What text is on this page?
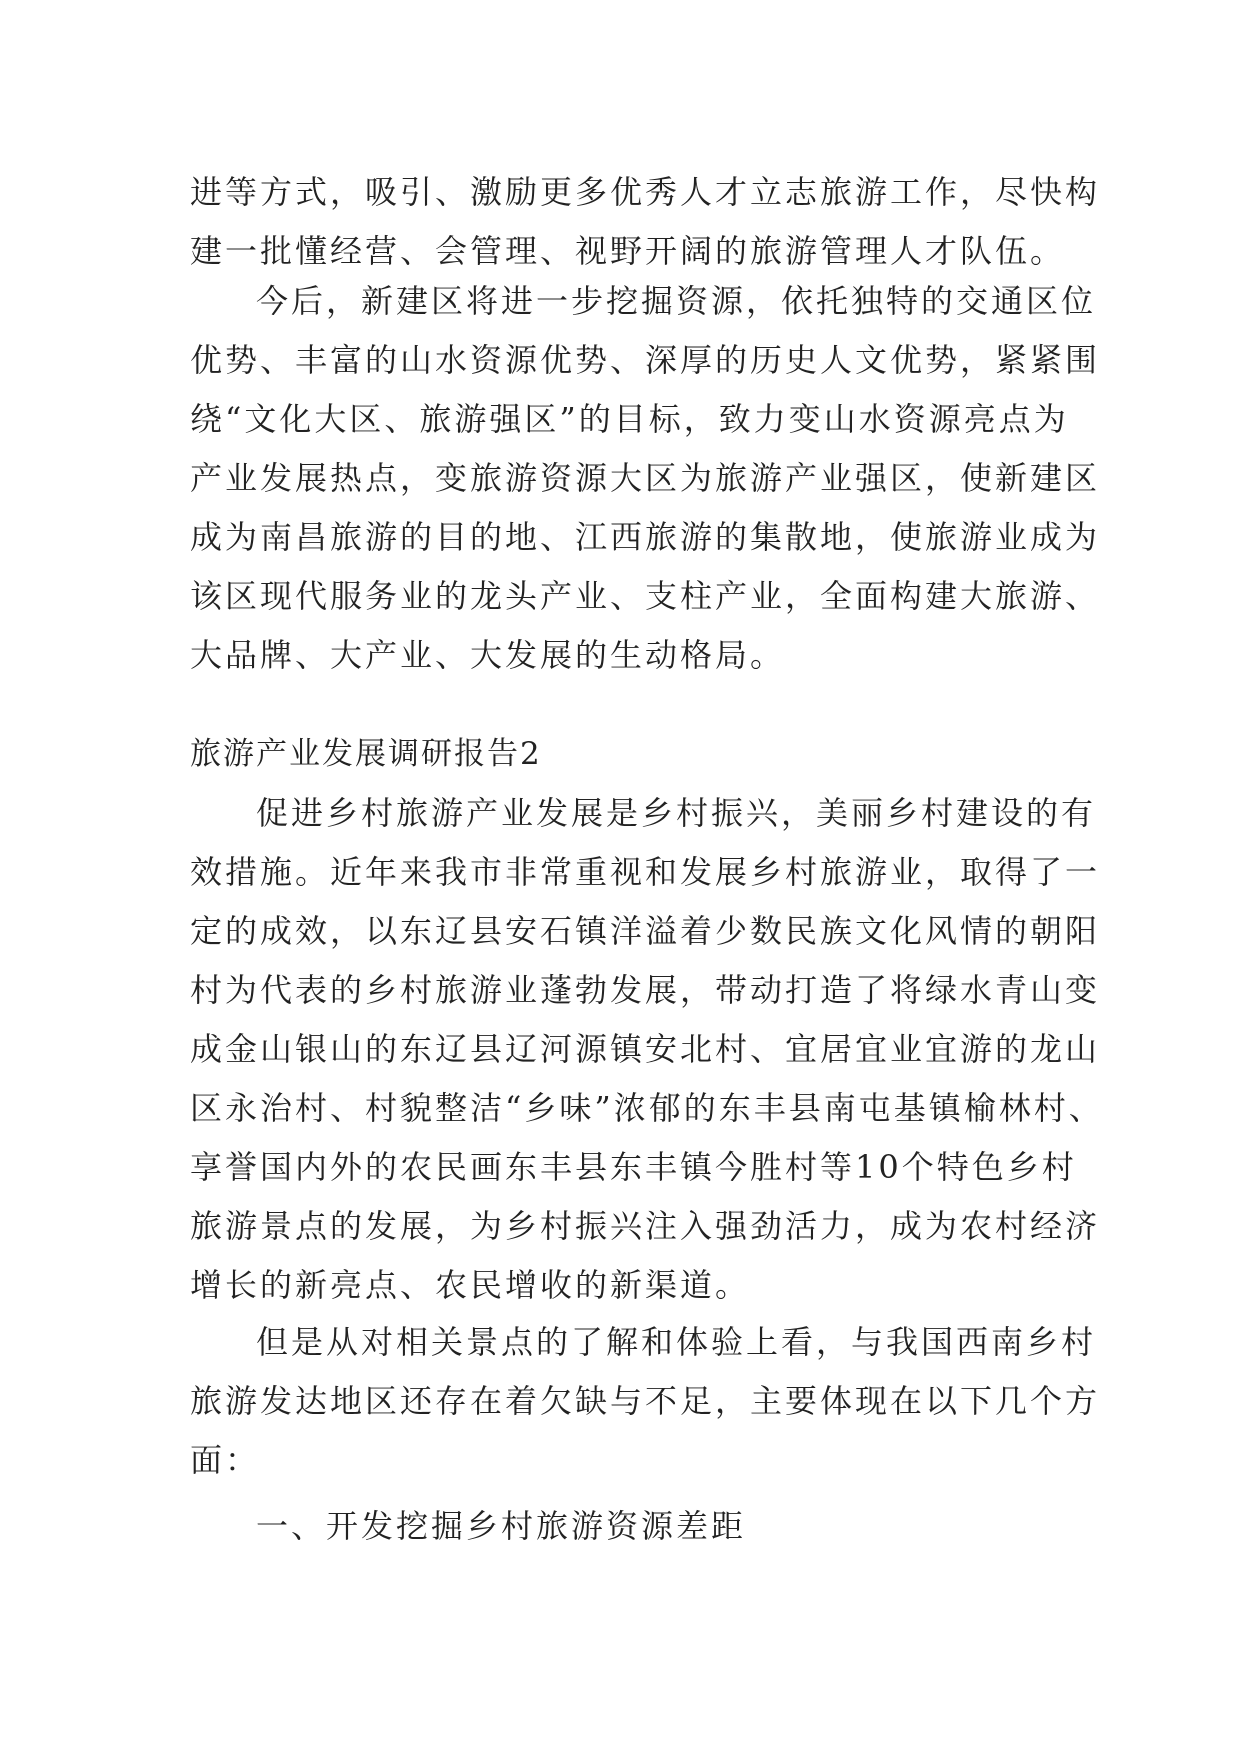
进等方式，吸引、激励更多优秀人才立志旅游工作，尽快构
建一批懂经营、会管理、视野开阔的旅游管理人才队伍。
今后，新建区将进一步挖掘资源，依托独特的交通区位
优势、丰富的山水资源优势、深厚的历史人文优势，紧紧围
绕“文化大区、旅游强区”的目标，致力变山水资源亮点为
产业发展热点，变旅游资源大区为旅游产业强区，使新建区
成为南昌旅游的目的地、江西旅游的集散地，使旅游业成为
该区现代服务业的龙头产业、支柱产业，全面构建大旅游、
大品牌、大产业、大发展的生动格局。
旅游产业发展调研报告2
促进乡村旅游产业发展是乡村振兴，美丽乡村建设的有
效措施。近年来我市非常重视和发展乡村旅游业，取得了一
定的成效，以东辽县安石镇洋溢着少数民族文化风情的朝阳
村为代表的乡村旅游业蓬勃发展，带动打造了将绿水青山变
成金山银山的东辽县辽河源镇安北村、宜居宜业宜游的龙山
区永治村、村貌整洁“乡味”浓郁的东丰县南屯基镇榆林村、
享誉国内外的农民画东丰县东丰镇今胜村等10个特色乡村
旅游景点的发展，为乡村振兴注入强劲活力，成为农村经济
增长的新亮点、农民增收的新渠道。
但是从对相关景点的了解和体验上看，与我国西南乡村
旅游发达地区还存在着欠缺与不足，主要体现在以下几个方
面：
一、开发挖掘乡村旅游资源差距
